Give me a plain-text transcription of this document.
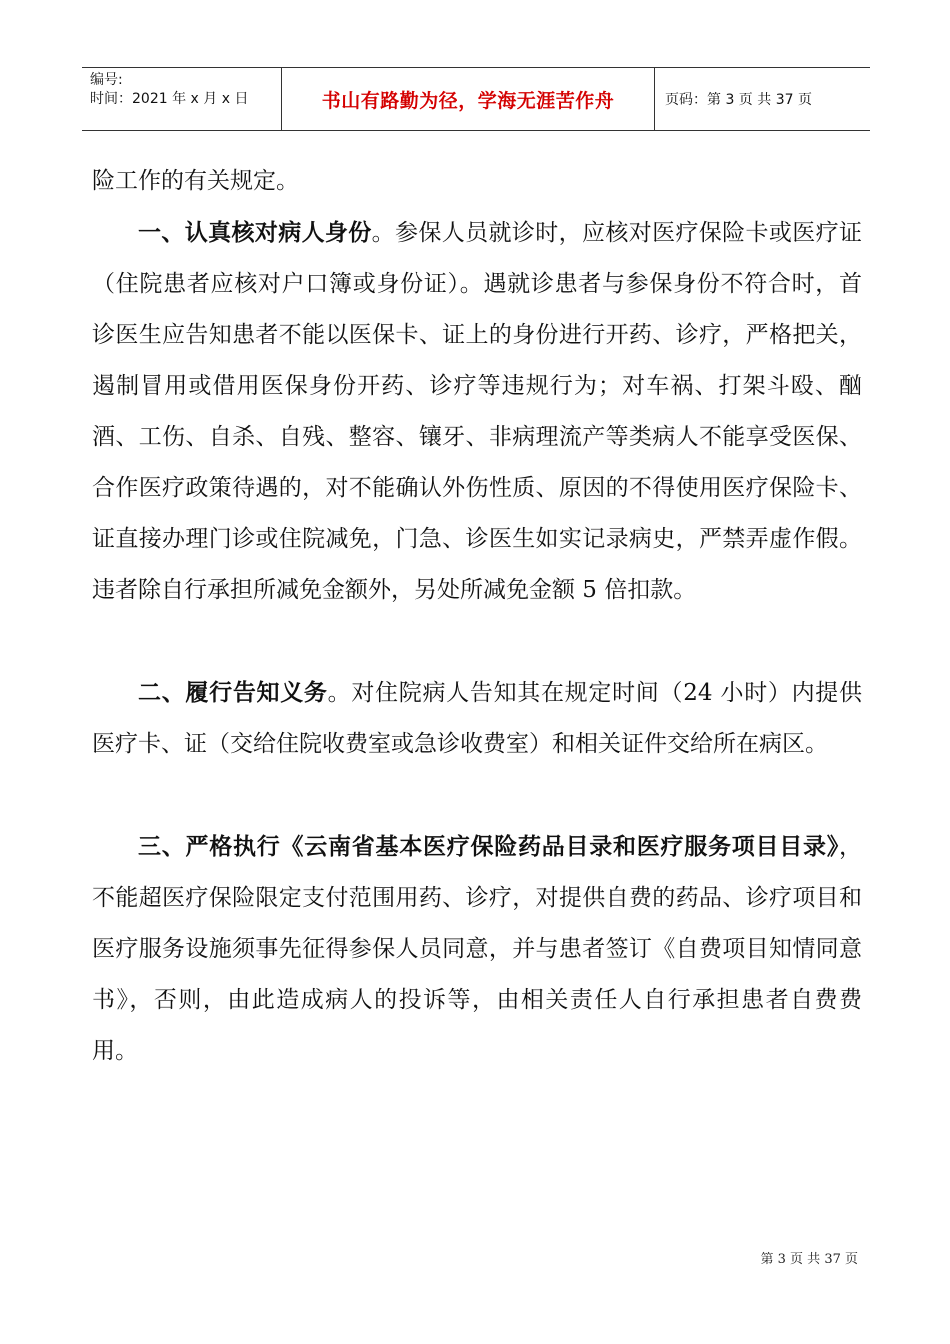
编号:
时间：2021 年 x 月 x 日	书山有路勤为径，学海无涯苦作舟	页码：第 3 页 共 37 页

险工作的有关规定。

一、认真核对病人身份。参保人员就诊时，应核对医疗保险卡或医疗证（住院患者应核对户口簿或身份证）。遇就诊患者与参保身份不符合时，首诊医生应告知患者不能以医保卡、证上的身份进行开药、诊疗，严格把关，遏制冒用或借用医保身份开药、诊疗等违规行为；对车祸、打架斗殴、酗酒、工伤、自杀、自残、整容、镶牙、非病理流产等类病人不能享受医保、合作医疗政策待遇的，对不能确认外伤性质、原因的不得使用医疗保险卡、证直接办理门诊或住院减免，门急、诊医生如实记录病史，严禁弄虚作假。违者除自行承担所减免金额外，另处所减免金额 5 倍扣款。

二、履行告知义务。对住院病人告知其在规定时间（24 小时）内提供医疗卡、证（交给住院收费室或急诊收费室）和相关证件交给所在病区。

三、严格执行《云南省基本医疗保险药品目录和医疗服务项目目录》，不能超医疗保险限定支付范围用药、诊疗，对提供自费的药品、诊疗项目和医疗服务设施须事先征得参保人员同意，并与患者签订《自费项目知情同意书》，否则，由此造成病人的投诉等，由相关责任人自行承担患者自费费用。

第 3 页 共 37 页
